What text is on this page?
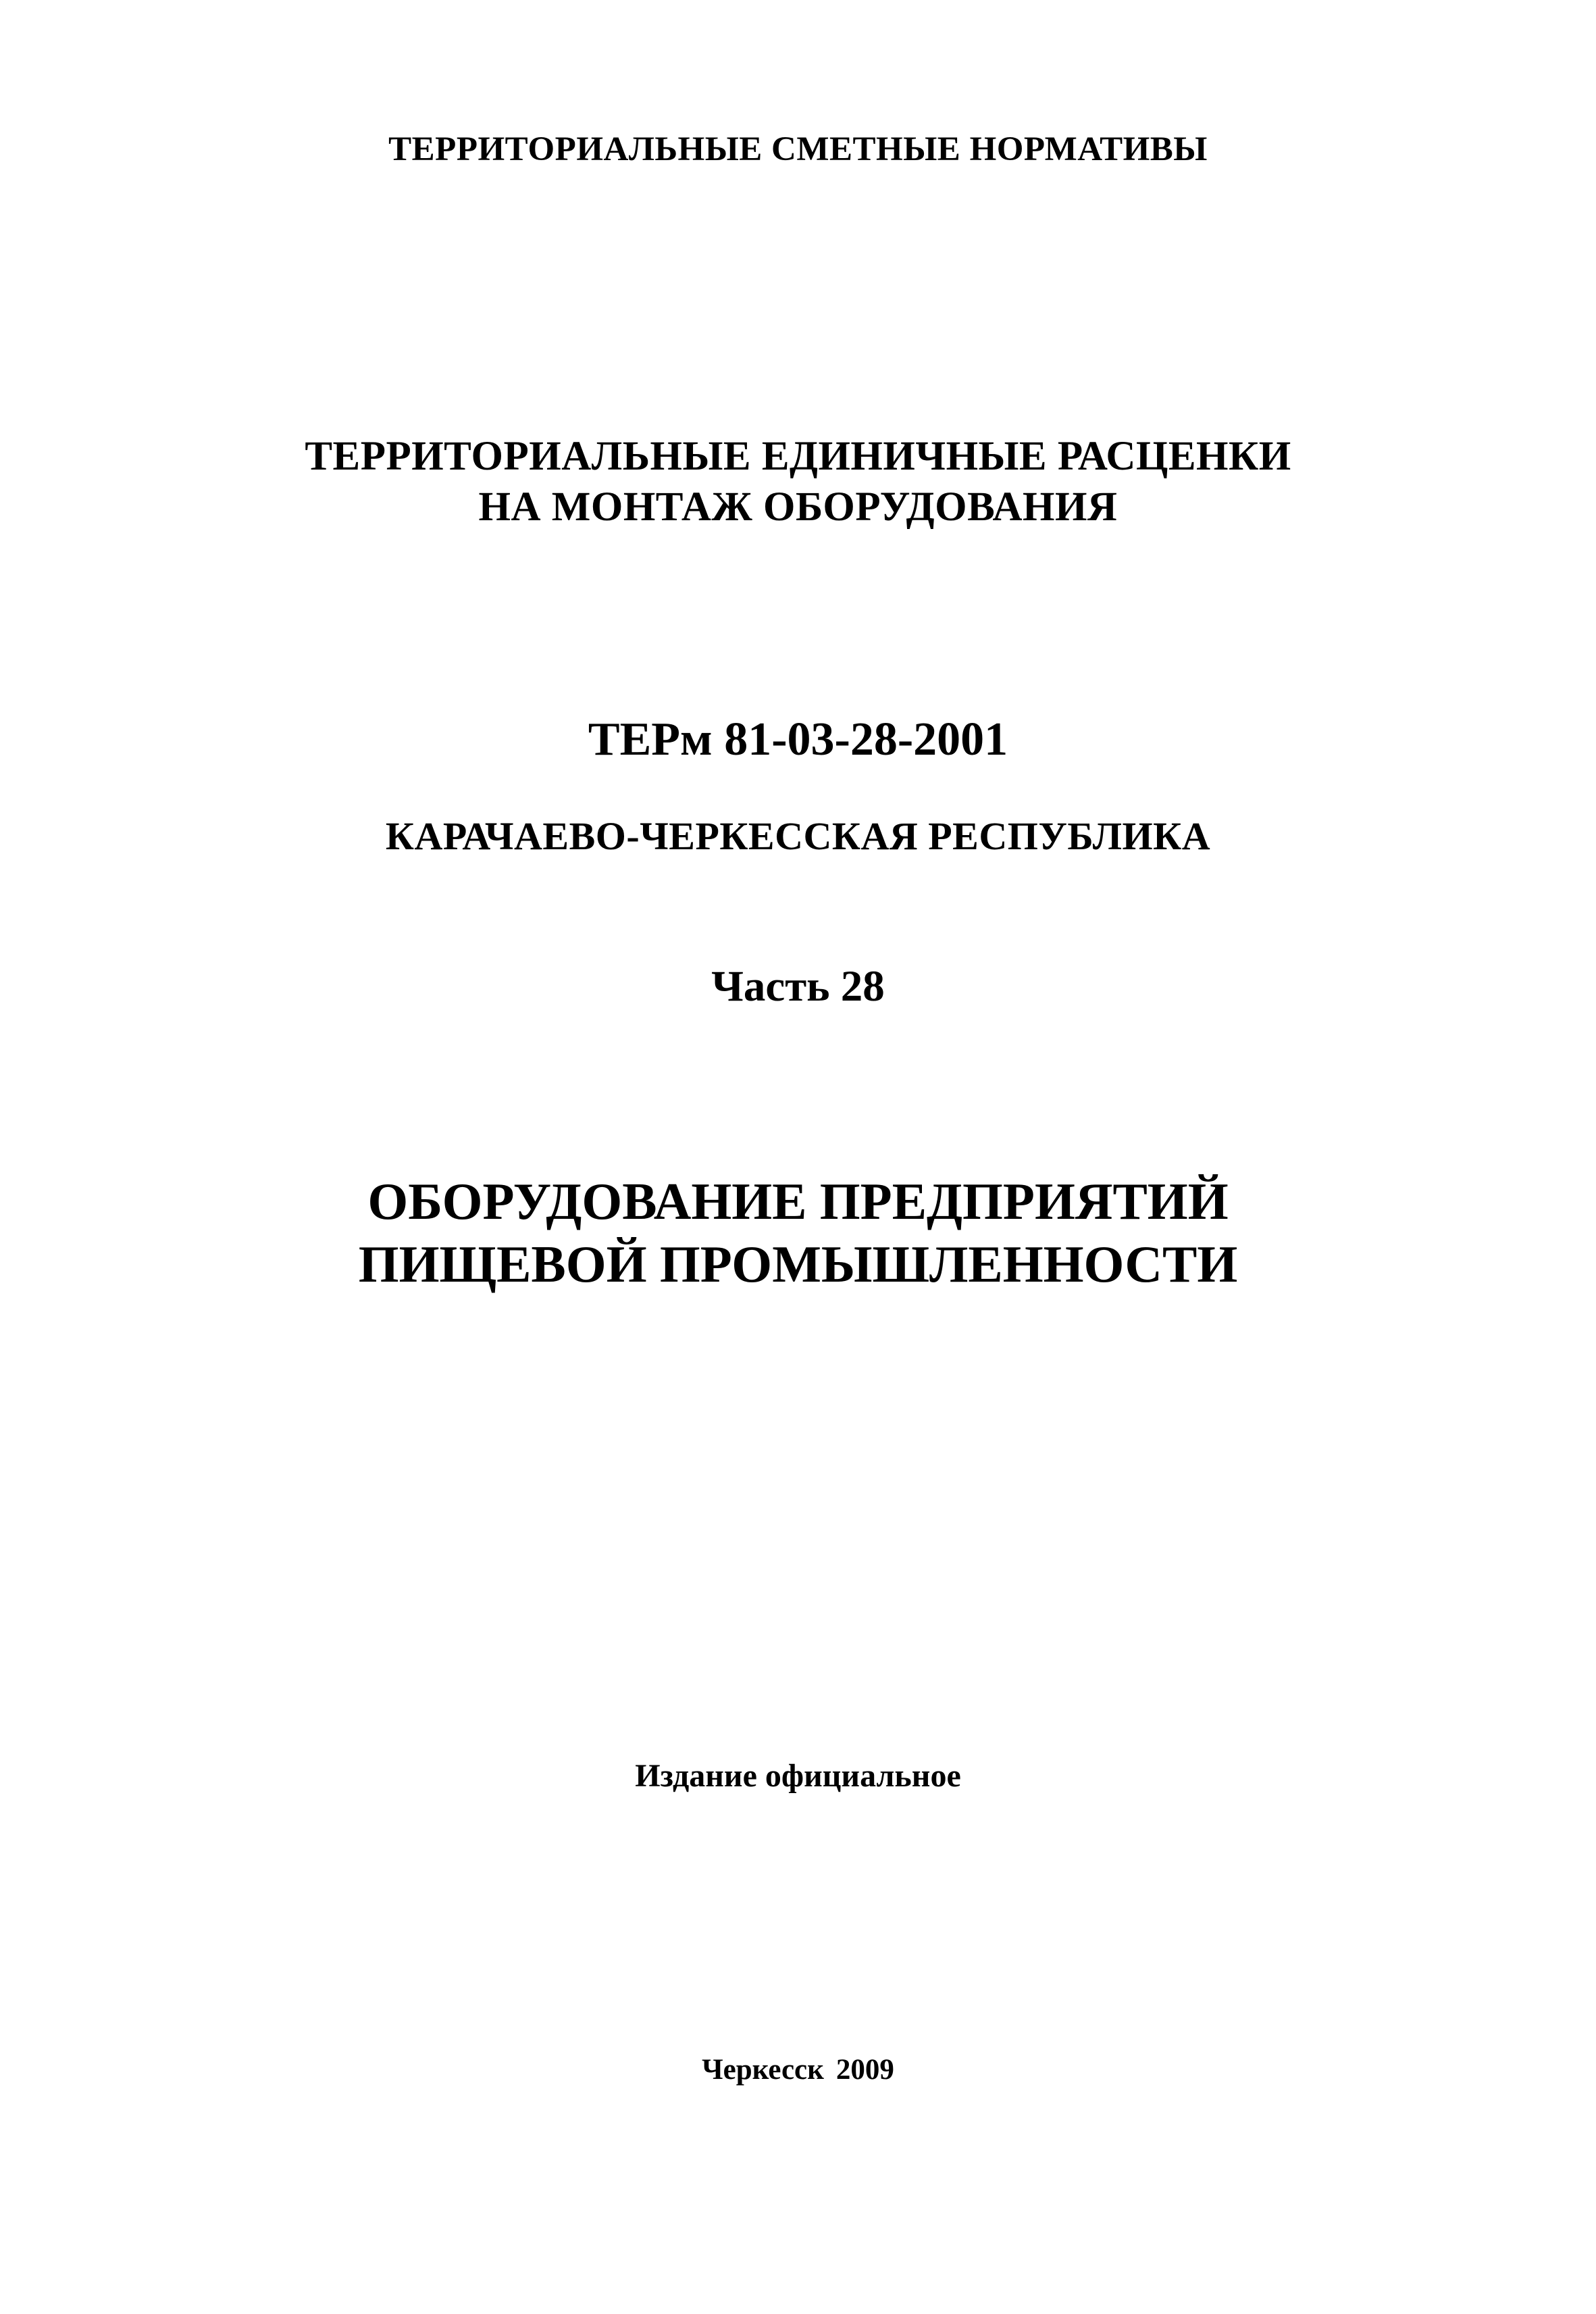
ТЕРРИТОРИАЛЬНЫЕ СМЕТНЫЕ НОРМАТИВЫ
ТЕРРИТОРИАЛЬНЫЕ ЕДИНИЧНЫЕ РАСЦЕНКИ
НА МОНТАЖ ОБОРУДОВАНИЯ
ТЕРм 81-03-28-2001
КАРАЧАЕВО-ЧЕРКЕССКАЯ РЕСПУБЛИКА
Часть 28
ОБОРУДОВАНИЕ ПРЕДПРИЯТИЙ
ПИЩЕВОЙ ПРОМЫШЛЕННОСТИ
Издание официальное
Черкесск 2009
